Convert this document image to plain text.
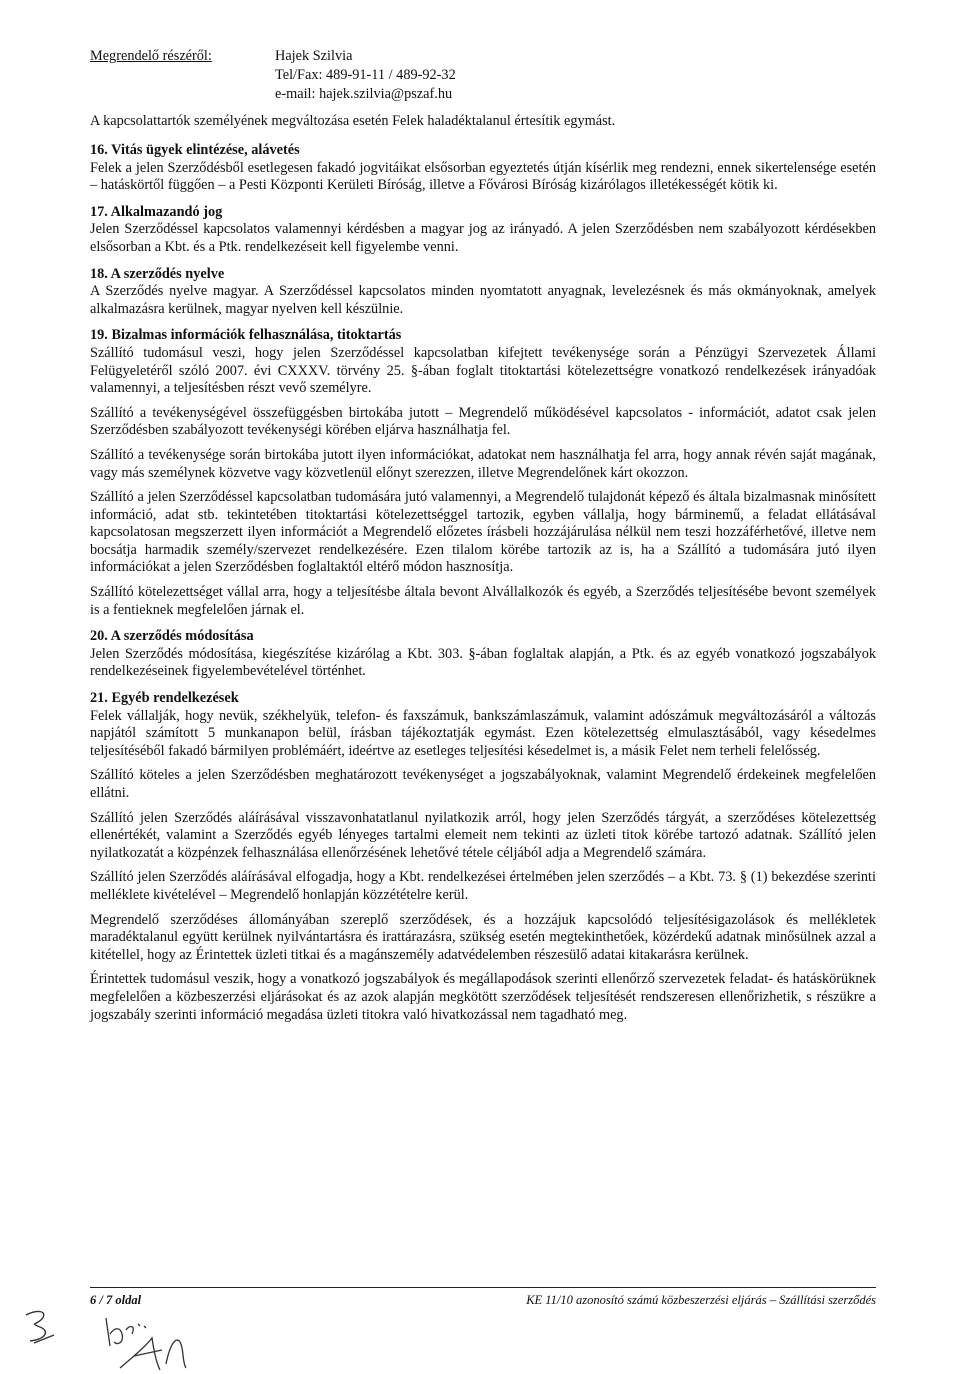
Megrendelő részéről:	Hajek Szilvia
Tel/Fax: 489-91-11 / 489-92-32
e-mail: hajek.szilvia@pszaf.hu
A kapcsolattartók személyének megváltozása esetén Felek haladéktalanul értesítik egymást.

16. Vitás ügyek elintézése, alávetés

Felek a jelen Szerződésből esetlegesen fakadó jogvitáikat elsősorban egyeztetés útján kísérlik meg rendezni, ennek sikertelensége esetén – hatáskörtől függően – a Pesti Központi Kerületi Bíróság, illetve a Fővárosi Bíróság kizárólagos illetékességét kötik ki.

17. Alkalmazandó jog

Jelen Szerződéssel kapcsolatos valamennyi kérdésben a magyar jog az irányadó. A jelen Szerződésben nem szabályozott kérdésekben elsősorban a Kbt. és a Ptk. rendelkezéseit kell figyelembe venni.

18. A szerződés nyelve

A Szerződés nyelve magyar. A Szerződéssel kapcsolatos minden nyomtatott anyagnak, levelezésnek és más okmányoknak, amelyek alkalmazásra kerülnek, magyar nyelven kell készülnie.

19. Bizalmas információk felhasználása, titoktartás

Szállító tudomásul veszi, hogy jelen Szerződéssel kapcsolatban kifejtett tevékenysége során a Pénzügyi Szervezetek Állami Felügyeletéről szóló 2007. évi CXXXV. törvény 25. §-ában foglalt titoktartási kötelezettségre vonatkozó rendelkezések irányadóak valamennyi, a teljesítésben részt vevő személyre.

Szállító a tevékenységével összefüggésben birtokába jutott – Megrendelő működésével kapcsolatos - információt, adatot csak jelen Szerződésben szabályozott tevékenységi körében eljárva használhatja fel.

Szállító a tevékenysége során birtokába jutott ilyen információkat, adatokat nem használhatja fel arra, hogy annak révén saját magának, vagy más személynek közvetve vagy közvetlenül előnyt szerezzen, illetve Megrendelőnek kárt okozzon.

Szállító a jelen Szerződéssel kapcsolatban tudomására jutó valamennyi, a Megrendelő tulajdonát képező és általa bizalmasnak minősített információ, adat stb. tekintetében titoktartási kötelezettséggel tartozik, egyben vállalja, hogy bárminemű, a feladat ellátásával kapcsolatosan megszerzett ilyen információt a Megrendelő előzetes írásbeli hozzájárulása nélkül nem teszi hozzáférhetővé, illetve nem bocsátja harmadik személy/szervezet rendelkezésére. Ezen tilalom körébe tartozik az is, ha a Szállító a tudomására jutó ilyen információkat a jelen Szerződésben foglaltaktól eltérő módon hasznosítja.

Szállító kötelezettséget vállal arra, hogy a teljesítésbe általa bevont Alvállalkozók és egyéb, a Szerződés teljesítésébe bevont személyek is a fentieknek megfelelően járnak el.

20. A szerződés módosítása

Jelen Szerződés módosítása, kiegészítése kizárólag a Kbt. 303. §-ában foglaltak alapján, a Ptk. és az egyéb vonatkozó jogszabályok rendelkezéseinek figyelembevételével történhet.

21. Egyéb rendelkezések

Felek vállalják, hogy nevük, székhelyük, telefon- és faxszámuk, bankszámlaszámuk, valamint adószámuk megváltozásáról a változás napjától számított 5 munkanapon belül, írásban tájékoztatják egymást. Ezen kötelezettség elmulasztásából, vagy késedelmes teljesítéséből fakadó bármilyen problémáért, ideértve az esetleges teljesítési késedelmet is, a másik Felet nem terheli felelősség.

Szállító köteles a jelen Szerződésben meghatározott tevékenységet a jogszabályoknak, valamint Megrendelő érdekeinek megfelelően ellátni.

Szállító jelen Szerződés aláírásával visszavonhatatlanul nyilatkozik arról, hogy jelen Szerződés tárgyát, a szerződéses kötelezettség ellenértékét, valamint a Szerződés egyéb lényeges tartalmi elemeit nem tekinti az üzleti titok körébe tartozó adatnak. Szállító jelen nyilatkozatát a közpénzek felhasználása ellenőrzésének lehetővé tétele céljából adja a Megrendelő számára.

Szállító jelen Szerződés aláírásával elfogadja, hogy a Kbt. rendelkezései értelmében jelen szerződés – a Kbt. 73. § (1) bekezdése szerinti melléklete kivételével – Megrendelő honlapján közzétételre kerül.

Megrendelő szerződéses állományában szereplő szerződések, és a hozzájuk kapcsolódó teljesítésigazolások és mellékletek maradéktalanul együtt kerülnek nyilvántartásra és irattárazásra, szükség esetén megtekinthetőek, közérdekű adatnak minősülnek azzal a kitétellel, hogy az Érintettek üzleti titkai és a magánszemély adatvédelemben részesülő adatai kitakarásra kerülnek.

Érintettek tudomásul veszik, hogy a vonatkozó jogszabályok és megállapodások szerinti ellenőrző szervezetek feladat- és hatáskörüknek megfelelően a közbeszerzési eljárásokat és az azok alapján megkötött szerződések teljesítését rendszeresen ellenőrizhetik, s részükre a jogszabály szerinti információ megadása üzleti titokra való hivatkozással nem tagadható meg.

6 / 7 oldal	KE 11/10 azonosító számú közbeszerzési eljárás – Szállítási szerződés
